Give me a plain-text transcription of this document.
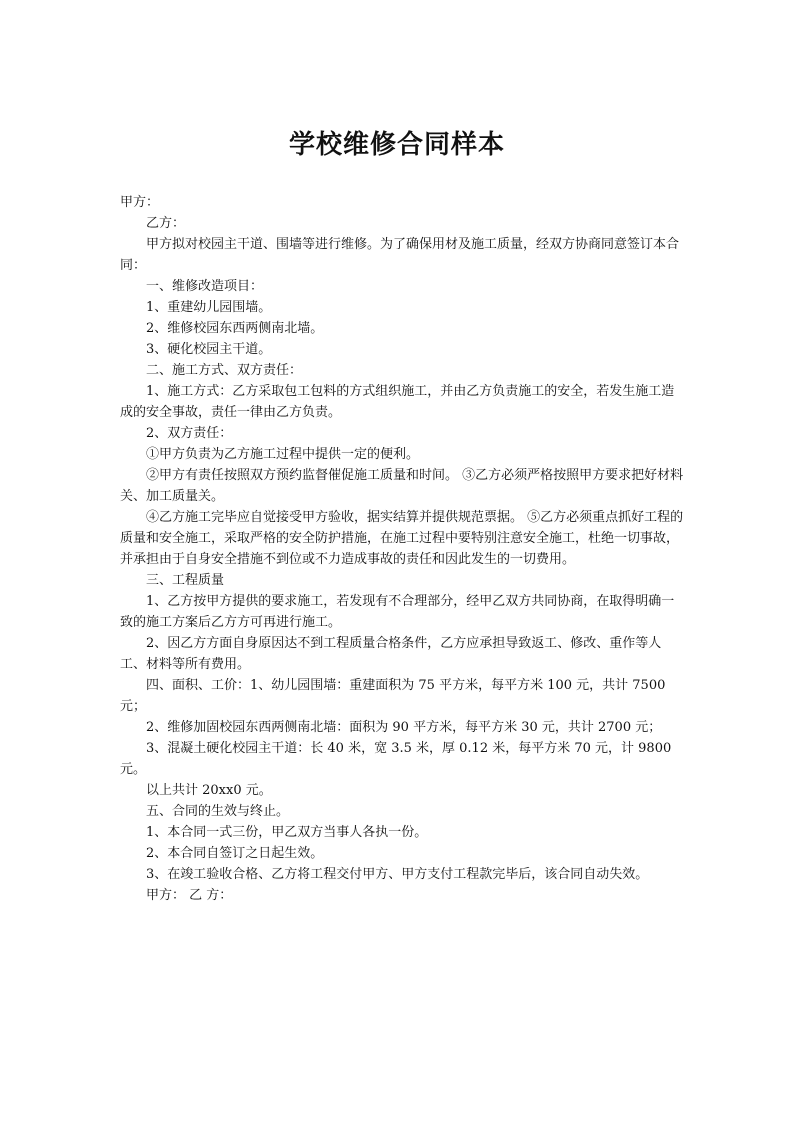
学校维修合同样本

甲方：

乙方：

甲方拟对校园主干道、围墙等进行维修。为了确保用材及施工质量，经双方协商同意签订本合同：

一、维修改造项目：

1、重建幼儿园围墙。

2、维修校园东西两侧南北墙。

3、硬化校园主干道。

二、施工方式、双方责任：

1、施工方式：乙方采取包工包料的方式组织施工，并由乙方负责施工的安全，若发生施工造成的安全事故，责任一律由乙方负责。

2、双方责任：

①甲方负责为乙方施工过程中提供一定的便利。

②甲方有责任按照双方预约监督催促施工质量和时间。 ③乙方必须严格按照甲方要求把好材料关、加工质量关。

④乙方施工完毕应自觉接受甲方验收，据实结算并提供规范票据。 ⑤乙方必须重点抓好工程的质量和安全施工，采取严格的安全防护措施，在施工过程中要特别注意安全施工，杜绝一切事故，并承担由于自身安全措施不到位或不力造成事故的责任和因此发生的一切费用。

三、工程质量

1、乙方按甲方提供的要求施工，若发现有不合理部分，经甲乙双方共同协商，在取得明确一致的施工方案后乙方方可再进行施工。

2、因乙方方面自身原因达不到工程质量合格条件，乙方应承担导致返工、修改、重作等人工、材料等所有费用。

四、面积、工价：1、幼儿园围墙：重建面积为 75 平方米，每平方米 100 元，共计 7500 元；

2、维修加固校园东西两侧南北墙：面积为 90 平方米，每平方米 30 元，共计 2700 元；

3、混凝土硬化校园主干道：长 40 米，宽 3.5 米，厚 0.12 米，每平方米 70 元，计 9800 元。

以上共计 20xx0 元。

五、合同的生效与终止。

1、本合同一式三份，甲乙双方当事人各执一份。

2、本合同自签订之日起生效。

3、在竣工验收合格、乙方将工程交付甲方、甲方支付工程款完毕后，该合同自动失效。

甲方： 乙 方：
